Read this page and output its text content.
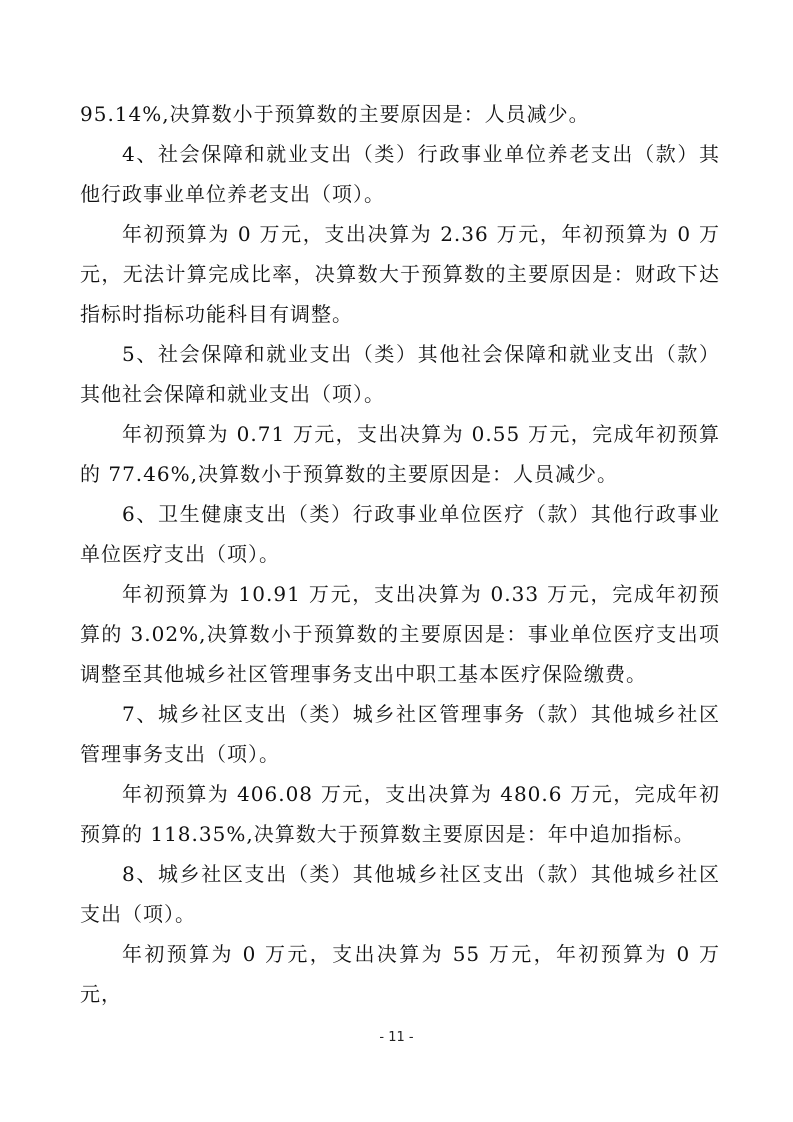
95.14%,决算数小于预算数的主要原因是：人员减少。

4、社会保障和就业支出（类）行政事业单位养老支出（款）其他行政事业单位养老支出（项）。

年初预算为 0 万元，支出决算为 2.36 万元，年初预算为 0 万元，无法计算完成比率，决算数大于预算数的主要原因是：财政下达指标时指标功能科目有调整。

5、社会保障和就业支出（类）其他社会保障和就业支出（款）其他社会保障和就业支出（项）。

年初预算为 0.71 万元，支出决算为 0.55 万元，完成年初预算的 77.46%,决算数小于预算数的主要原因是：人员减少。

6、卫生健康支出（类）行政事业单位医疗（款）其他行政事业单位医疗支出（项）。

年初预算为 10.91 万元，支出决算为 0.33 万元，完成年初预算的 3.02%,决算数小于预算数的主要原因是：事业单位医疗支出项调整至其他城乡社区管理事务支出中职工基本医疗保险缴费。

7、城乡社区支出（类）城乡社区管理事务（款）其他城乡社区管理事务支出（项）。

年初预算为 406.08 万元，支出决算为 480.6 万元，完成年初预算的 118.35%,决算数大于预算数主要原因是：年中追加指标。

8、城乡社区支出（类）其他城乡社区支出（款）其他城乡社区支出（项）。

年初预算为 0 万元，支出决算为 55 万元，年初预算为 0 万元，

- 11 -
